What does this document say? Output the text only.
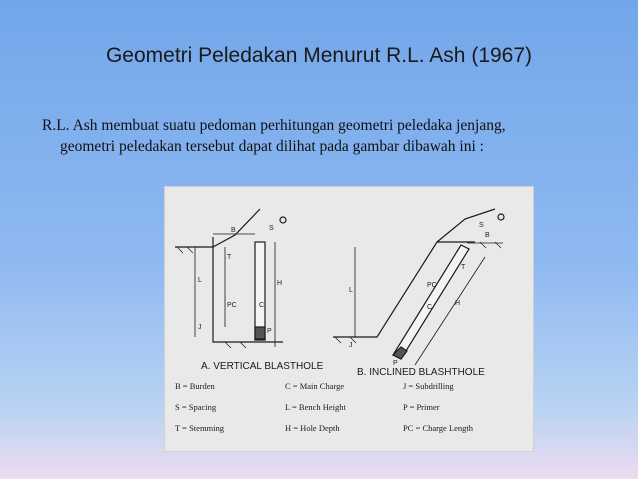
Geometri Peledakan Menurut R.L. Ash (1967)
R.L. Ash membuat suatu pedoman perhitungan geometri peledaka jenjang,
geometri peledakan tersebut dapat dilihat pada gambar dibawah ini :
B	S
T
L	H
PC	C
J
P
L
B
S
T
PC
C
H
J
P
A. VERTICAL BLASTHOLE
B. INCLINED BLASHTHOLE
B = Burden	C = Main Charge	J = Subdrilling
S = Spacing	L = Bench Height	P = Primer
T = Stemming	H = Hole Depth	PC = Charge Length
